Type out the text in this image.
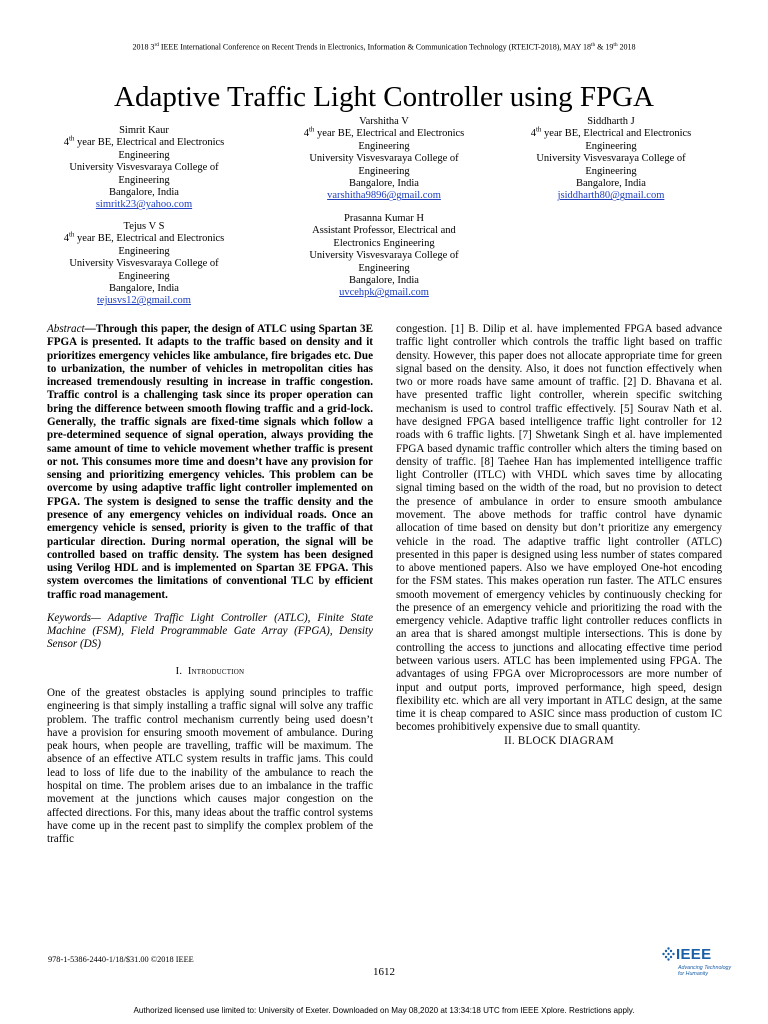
2018 3rd IEEE International Conference on Recent Trends in Electronics, Information & Communication Technology (RTEICT-2018), MAY 18th & 19th 2018
Adaptive Traffic Light Controller using FPGA
Simrit Kaur
4th year BE, Electrical and Electronics
Engineering
University Visvesvaraya College of
Engineering
Bangalore, India
simritk23@yahoo.com
Varshitha V
4th year BE, Electrical and Electronics
Engineering
University Visvesvaraya College of
Engineering
Bangalore, India
varshitha9896@gmail.com
Siddharth J
4th year BE, Electrical and Electronics
Engineering
University Visvesvaraya College of
Engineering
Bangalore, India
jsiddharth80@gmail.com
Tejus V S
4th year BE, Electrical and Electronics
Engineering
University Visvesvaraya College of
Engineering
Bangalore, India
tejusvs12@gmail.com
Prasanna Kumar H
Assistant Professor, Electrical and
Electronics Engineering
University Visvesvaraya College of
Engineering
Bangalore, India
uvcehpk@gmail.com

Abstract—Through this paper, the design of ATLC using Spartan 3E FPGA is presented. It adapts to the traffic based on density and it prioritizes emergency vehicles like ambulance, fire brigades etc. Due to urbanization, the number of vehicles in metropolitan cities has increased tremendously resulting in increase in traffic congestion. Traffic control is a challenging task since its proper operation can bring the difference between smooth flowing traffic and a grid-lock. Generally, the traffic signals are fixed-time signals which follow a pre-determined sequence of signal operation, always providing the same amount of time to vehicle movement whether traffic is present or not. This consumes more time and doesn’t have any provision for sensing and prioritizing emergency vehicles. This problem can be overcome by using adaptive traffic light controller implemented on FPGA. The system is designed to sense the traffic density and the presence of any emergency vehicles on individual roads. Once an emergency vehicle is sensed, priority is given to the traffic of that particular direction. During normal operation, the signal will be controlled based on traffic density. The system has been designed using Verilog HDL and is implemented on Spartan 3E FPGA. This system overcomes the limitations of conventional TLC by efficient traffic road management.

Keywords— Adaptive Traffic Light Controller (ATLC), Finite State Machine (FSM), Field Programmable Gate Array (FPGA), Density Sensor (DS)

I. Introduction

One of the greatest obstacles is applying sound principles to traffic engineering is that simply installing a traffic signal will solve any traffic problem. The traffic control mechanism currently being used doesn’t have a provision for ensuring smooth movement of ambulance. During peak hours, when people are travelling, traffic will be maximum. The absence of an effective ATLC system results in traffic jams. This could lead to loss of life due to the inability of the ambulance to reach the hospital on time. The problem arises due to an imbalance in the traffic movement at the junctions which causes major congestion on the affected directions. For this, many ideas about the traffic control systems have come up in the recent past to simplify the complex problem of the traffic

congestion. [1] B. Dilip et al. have implemented FPGA based advance traffic light controller which controls the traffic light based on traffic density. However, this paper does not allocate appropriate time for green signal based on the density. Also, it does not function effectively when two or more roads have same amount of traffic. [2] D. Bhavana et al. have presented traffic light controller, wherein specific switching mechanism is used to control traffic effectively. [5] Sourav Nath et al. have designed FPGA based intelligence traffic light controller for 12 roads with 6 traffic lights. [7] Shwetank Singh et al. have implemented FPGA based dynamic traffic controller which alters the timing based on density of traffic. [8] Taehee Han has implemented intelligence traffic light Controller (ITLC) with VHDL which saves time by allocating signal timing based on the width of the road, but no provision to detect the presence of ambulance in order to ensure smooth ambulance movement. The above methods for traffic control have dynamic allocation of time based on density but don’t prioritize any emergency vehicle in the road. The adaptive traffic light controller (ATLC) presented in this paper is designed using less number of states compared to above mentioned papers. Also we have employed One-hot encoding for the FSM states. This makes operation run faster. The ATLC ensures smooth movement of emergency vehicles by continuously checking for the presence of an emergency vehicle and prioritizing the road with the emergency vehicle. Adaptive traffic light controller reduces conflicts in an area that is shared amongst multiple intersections. This is done by controlling the access to junctions and allocating effective time period between various users. ATLC has been implemented using FPGA. The advantages of using FPGA over Microprocessors are more number of input and output ports, improved performance, high speed, design flexibility etc. which are all very important in ATLC design, at the same time it is cheap compared to ASIC since mass production of custom IC becomes prohibitively expensive due to small quantity.

II. BLOCK DIAGRAM

978-1-5386-2440-1/18/$31.00 ©2018 IEEE
1612
IEEE
Advancing Technology
for Humanity
Authorized licensed use limited to: University of Exeter. Downloaded on May 08,2020 at 13:34:18 UTC from IEEE Xplore. Restrictions apply.
